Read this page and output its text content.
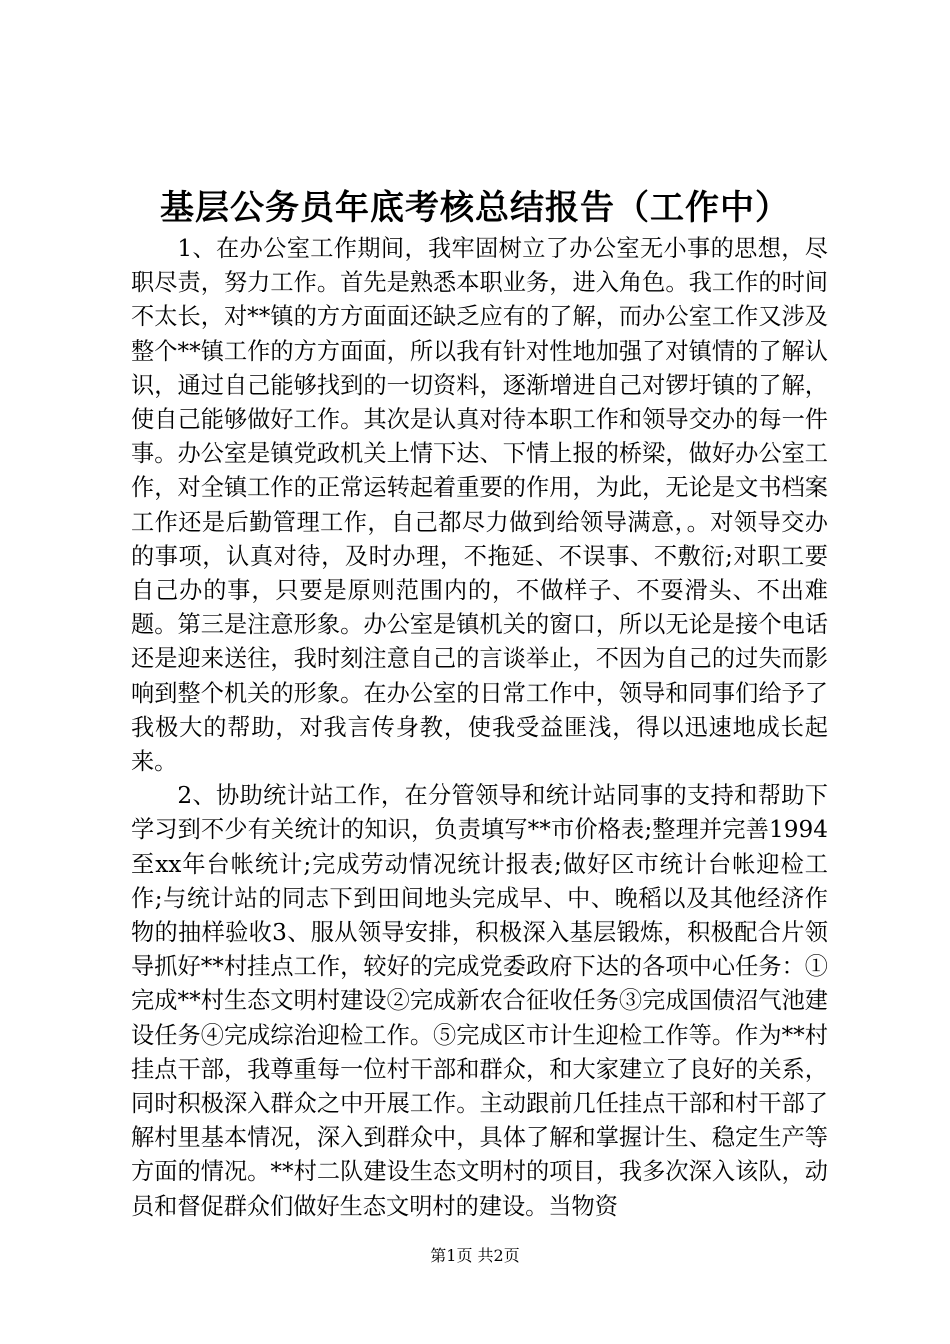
基层公务员年底考核总结报告（工作中）

1、在办公室工作期间，我牢固树立了办公室无小事的思想，尽职尽责，努力工作。首先是熟悉本职业务，进入角色。我工作的时间不太长，对**镇的方方面面还缺乏应有的了解，而办公室工作又涉及整个**镇工作的方方面面，所以我有针对性地加强了对镇情的了解认识，通过自己能够找到的一切资料，逐渐增进自己对锣圩镇的了解，使自己能够做好工作。其次是认真对待本职工作和领导交办的每一件事。办公室是镇党政机关上情下达、下情上报的桥梁，做好办公室工作，对全镇工作的正常运转起着重要的作用，为此，无论是文书档案工作还是后勤管理工作，自己都尽力做到给领导满意，。对领导交办的事项，认真对待，及时办理，不拖延、不误事、不敷衍;对职工要自己办的事，只要是原则范围内的，不做样子、不耍滑头、不出难题。第三是注意形象。办公室是镇机关的窗口，所以无论是接个电话还是迎来送往，我时刻注意自己的言谈举止，不因为自己的过失而影响到整个机关的形象。在办公室的日常工作中，领导和同事们给予了我极大的帮助，对我言传身教，使我受益匪浅，得以迅速地成长起来。

2、协助统计站工作，在分管领导和统计站同事的支持和帮助下学习到不少有关统计的知识，负责填写**市价格表;整理并完善1994至xx年台帐统计;完成劳动情况统计报表;做好区市统计台帐迎检工作;与统计站的同志下到田间地头完成早、中、晚稻以及其他经济作物的抽样验收3、服从领导安排，积极深入基层锻炼，积极配合片领导抓好**村挂点工作，较好的完成党委政府下达的各项中心任务：①完成**村生态文明村建设②完成新农合征收任务③完成国债沼气池建设任务④完成综治迎检工作。⑤完成区市计生迎检工作等。作为**村挂点干部，我尊重每一位村干部和群众，和大家建立了良好的关系，同时积极深入群众之中开展工作。主动跟前几任挂点干部和村干部了解村里基本情况，深入到群众中，具体了解和掌握计生、稳定生产等方面的情况。**村二队建设生态文明村的项目，我多次深入该队，动员和督促群众们做好生态文明村的建设。当物资

第1页 共2页
